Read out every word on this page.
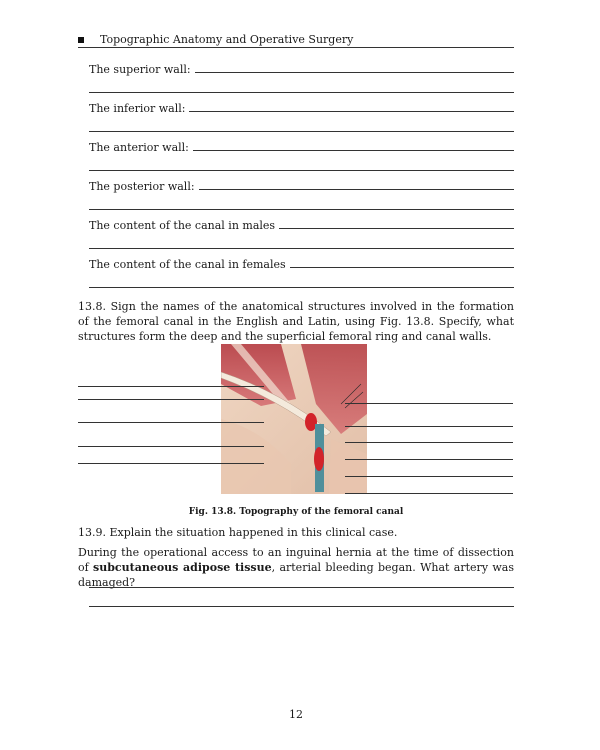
Topographic Anatomy and Operative Surgery
The superior wall:
The inferior wall:
The anterior wall:
The posterior wall:
The content of the canal in males
The content of the canal in females
13.8. Sign the names of the anatomical structures involved in the formation of the femoral canal in the English and Latin, using Fig. 13.8. Specify, what structures form the deep and the superficial femoral ring and canal walls.
Fig. 13.8. Topography of the femoral canal
13.9. Explain the situation happened in this clinical case.
During the operational access to an inguinal hernia at the time of dissection of subcutaneous adipose tissue, arterial bleeding began. What artery was damaged?
12
